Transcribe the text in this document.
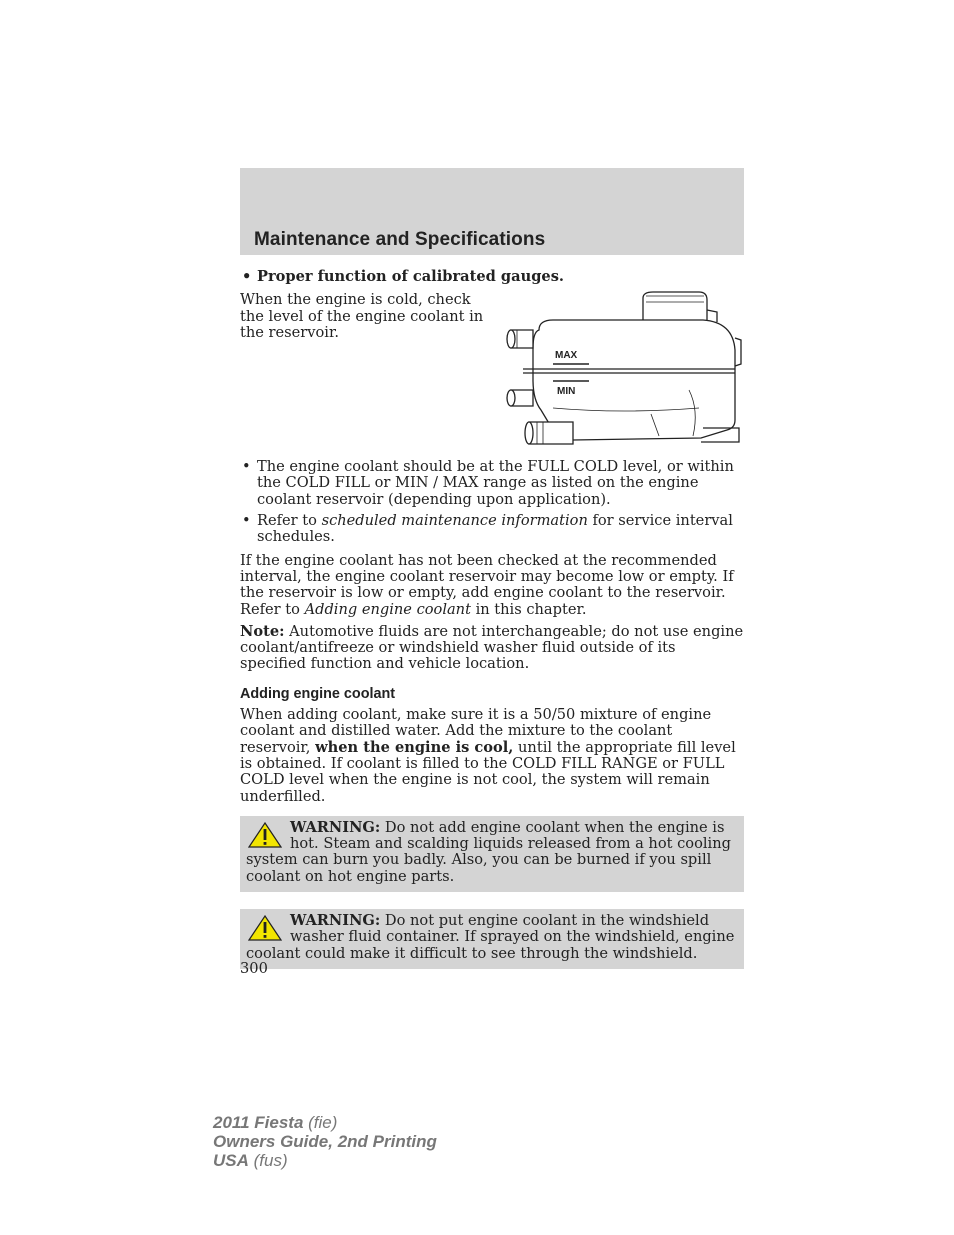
Maintenance and Specifications
• Proper function of calibrated gauges.

When the engine is cold, check the level of the engine coolant in the reservoir.

• The engine coolant should be at the FULL COLD level, or within the COLD FILL or MIN / MAX range as listed on the engine coolant reservoir (depending upon application).
• Refer to scheduled maintenance information for service interval schedules.

If the engine coolant has not been checked at the recommended interval, the engine coolant reservoir may become low or empty. If the reservoir is low or empty, add engine coolant to the reservoir. Refer to Adding engine coolant in this chapter.

Note: Automotive fluids are not interchangeable; do not use engine coolant/antifreeze or windshield washer fluid outside of its specified function and vehicle location.

Adding engine coolant

When adding coolant, make sure it is a 50/50 mixture of engine coolant and distilled water. Add the mixture to the coolant reservoir, when the engine is cool, until the appropriate fill level is obtained. If coolant is filled to the COLD FILL RANGE or FULL COLD level when the engine is not cool, the system will remain underfilled.

WARNING: Do not add engine coolant when the engine is hot. Steam and scalding liquids released from a hot cooling system can burn you badly. Also, you can be burned if you spill coolant on hot engine parts.
WARNING: Do not put engine coolant in the windshield washer fluid container. If sprayed on the windshield, engine coolant could make it difficult to see through the windshield.
MAX
MIN
300
2011 Fiesta (fie)
Owners Guide, 2nd Printing
USA (fus)
